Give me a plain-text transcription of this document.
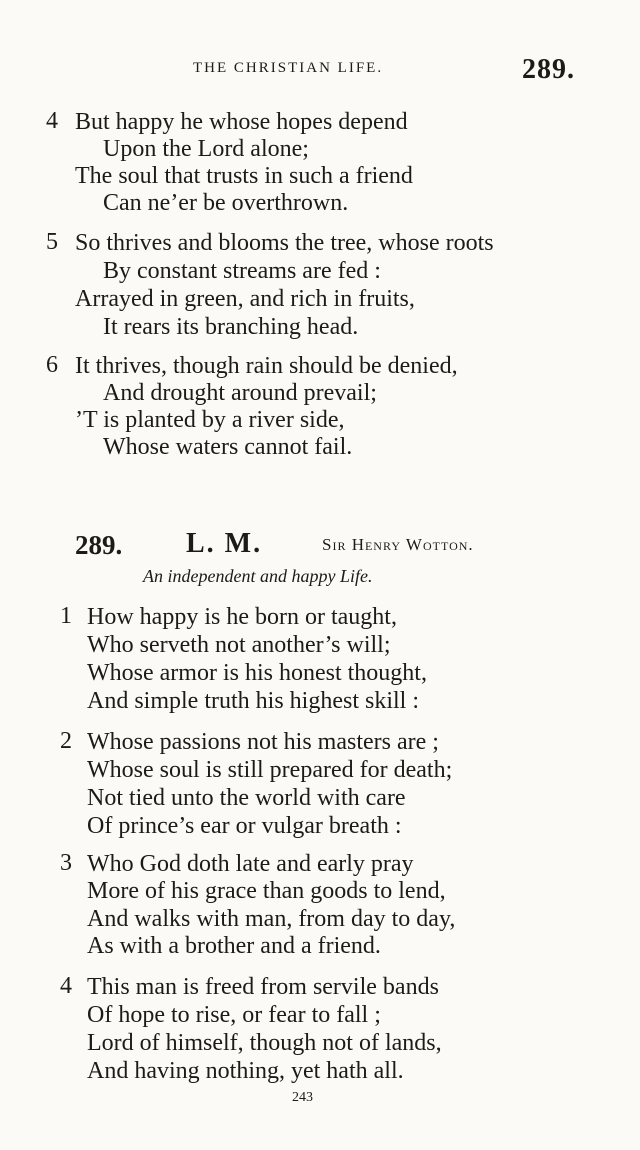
THE CHRISTIAN LIFE.	289.
4 But happy he whose hopes depend
Upon the Lord alone;
The soul that trusts in such a friend
Can ne’er be overthrown.
5 So thrives and blooms the tree, whose roots
By constant streams are fed :
Arrayed in green, and rich in fruits,
It rears its branching head.
6 It thrives, though rain should be denied,
And drought around prevail;
’T is planted by a river side,
Whose waters cannot fail.
289. L. M.	Sir Henry Wotton.
An independent and happy Life.
1 How happy is he born or taught,
Who serveth not another’s will;
Whose armor is his honest thought,
And simple truth his highest skill :
2 Whose passions not his masters are ;
Whose soul is still prepared for death;
Not tied unto the world with care
Of prince’s ear or vulgar breath :
3 Who God doth late and early pray
More of his grace than goods to lend,
And walks with man, from day to day,
As with a brother and a friend.
4 This man is freed from servile bands
Of hope to rise, or fear to fall ;
Lord of himself, though not of lands,
And having nothing, yet hath all.
243
